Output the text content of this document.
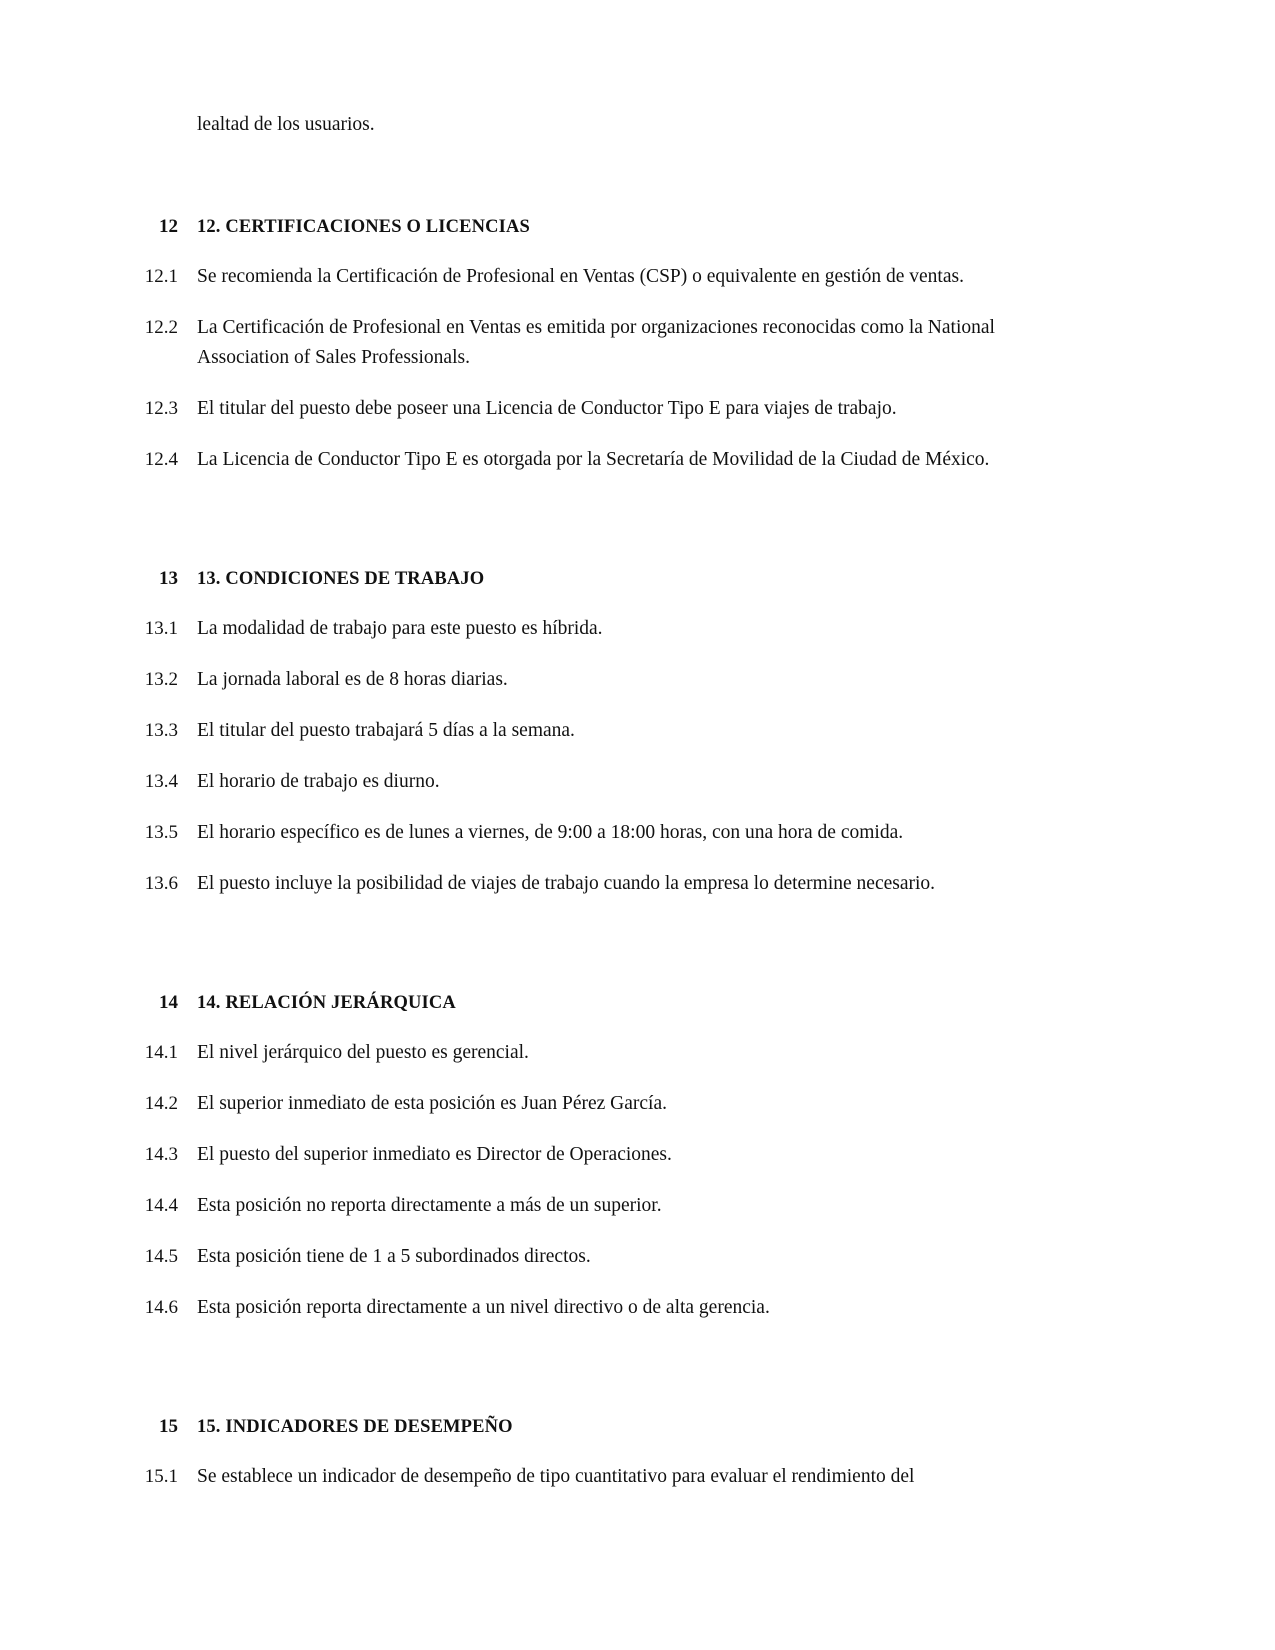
lealtad de los usuarios.
12 12. CERTIFICACIONES O LICENCIAS
12.1 Se recomienda la Certificación de Profesional en Ventas (CSP) o equivalente en gestión de ventas.
12.2 La Certificación de Profesional en Ventas es emitida por organizaciones reconocidas como la National Association of Sales Professionals.
12.3 El titular del puesto debe poseer una Licencia de Conductor Tipo E para viajes de trabajo.
12.4 La Licencia de Conductor Tipo E es otorgada por la Secretaría de Movilidad de la Ciudad de México.
13 13. CONDICIONES DE TRABAJO
13.1 La modalidad de trabajo para este puesto es híbrida.
13.2 La jornada laboral es de 8 horas diarias.
13.3 El titular del puesto trabajará 5 días a la semana.
13.4 El horario de trabajo es diurno.
13.5 El horario específico es de lunes a viernes, de 9:00 a 18:00 horas, con una hora de comida.
13.6 El puesto incluye la posibilidad de viajes de trabajo cuando la empresa lo determine necesario.
14 14. RELACIÓN JERÁRQUICA
14.1 El nivel jerárquico del puesto es gerencial.
14.2 El superior inmediato de esta posición es Juan Pérez García.
14.3 El puesto del superior inmediato es Director de Operaciones.
14.4 Esta posición no reporta directamente a más de un superior.
14.5 Esta posición tiene de 1 a 5 subordinados directos.
14.6 Esta posición reporta directamente a un nivel directivo o de alta gerencia.
15 15. INDICADORES DE DESEMPEÑO
15.1 Se establece un indicador de desempeño de tipo cuantitativo para evaluar el rendimiento del
